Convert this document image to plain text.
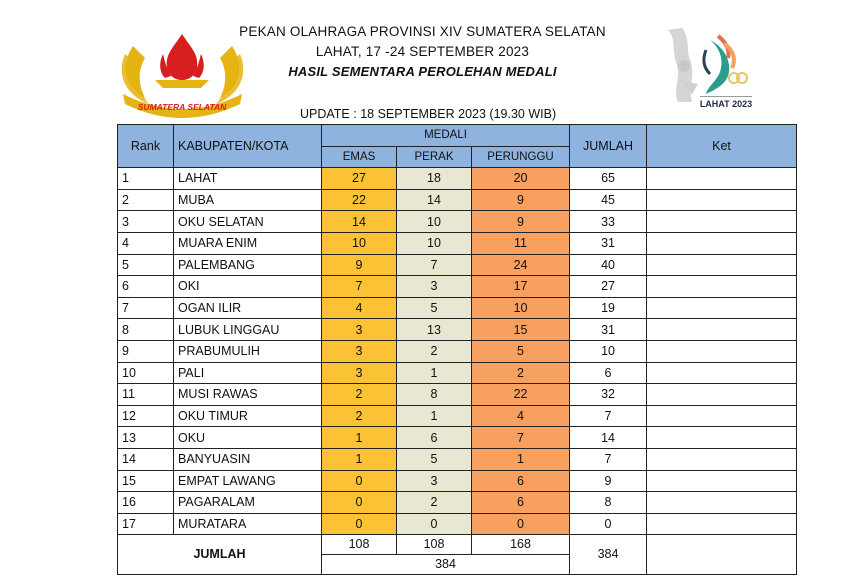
SUMATERA SELATAN	LAHAT 2023
PEKAN OLAHRAGA PROVINSI XIV SUMATERA SELATAN
LAHAT, 17 -24 SEPTEMBER 2023
HASIL SEMENTARA PEROLEHAN MEDALI
UPDATE : 18 SEPTEMBER 2023 (19.30 WIB)
Rank	KABUPATEN/KOTA	MEDALI			JUMLAH	Ket
		EMAS	PERAK	PERUNGGU		
1	LAHAT	27	18	20	65	
2	MUBA	22	14	9	45	
3	OKU SELATAN	14	10	9	33	
4	MUARA ENIM	10	10	11	31	
5	PALEMBANG	9	7	24	40	
6	OKI	7	3	17	27	
7	OGAN ILIR	4	5	10	19	
8	LUBUK LINGGAU	3	13	15	31	
9	PRABUMULIH	3	2	5	10	
10	PALI	3	1	2	6	
11	MUSI RAWAS	2	8	22	32	
12	OKU TIMUR	2	1	4	7	
13	OKU	1	6	7	14	
14	BANYUASIN	1	5	1	7	
15	EMPAT LAWANG	0	3	6	9	
16	PAGARALAM	0	2	6	8	
17	MURATARA	0	0	0	0	
JUMLAH		108	108	168	384	
		384				
